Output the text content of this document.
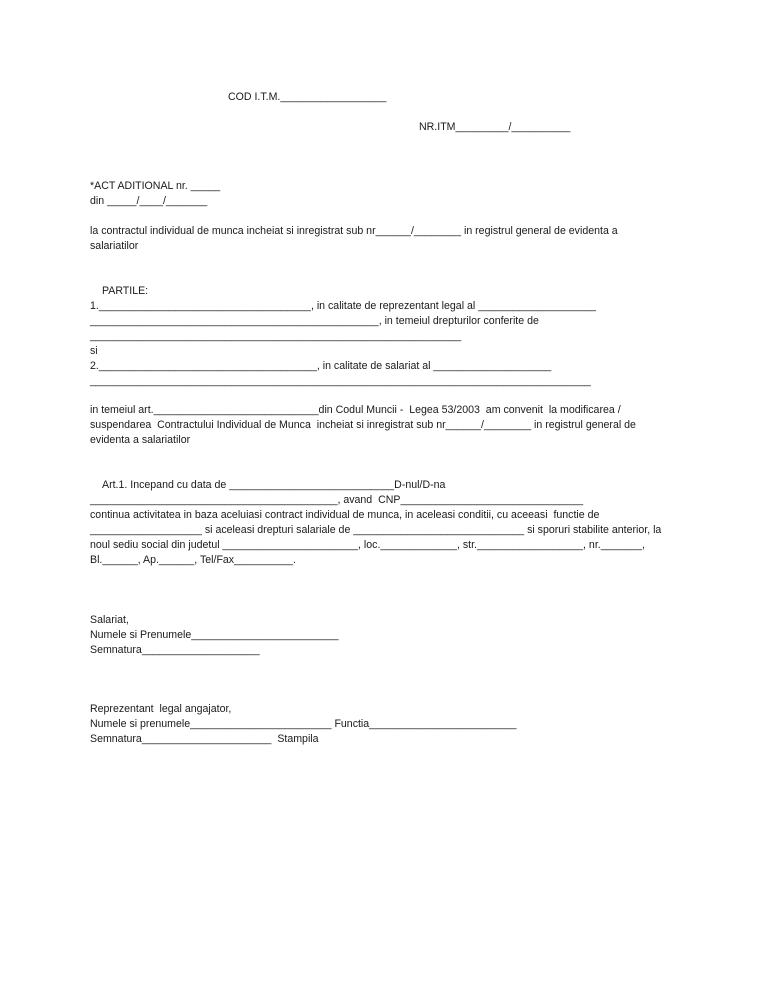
COD I.T.M.__________________
NR.ITM_________/__________
*ACT ADITIONAL nr. _____
din _____/____/_______
la contractul individual de munca incheiat si inregistrat sub nr______/________ in registrul general de evidenta a
salariatilor
PARTILE:
1.____________________________________, in calitate de reprezentant legal al ____________________
_________________________________________________, in temeiul drepturilor conferite de
_______________________________________________________________
si
2._____________________________________, in calitate de salariat al ____________________
_____________________________________________________________________________________
in temeiul art.____________________________din Codul Muncii -  Legea 53/2003  am convenit  la modificarea /
suspendarea  Contractului Individual de Munca  incheiat si inregistrat sub nr______/________ in registrul general de
evidenta a salariatilor
Art.1. Incepand cu data de ____________________________D-nul/D-na
__________________________________________, avand  CNP_______________________________
continua activitatea in baza aceluiasi contract individual de munca, in aceleasi conditii, cu aceeasi  functie de
___________________ si aceleasi drepturi salariale de _____________________________ si sporuri stabilite anterior, la
noul sediu social din judetul _______________________, loc._____________, str.__________________, nr._______,
Bl.______, Ap.______, Tel/Fax__________.
Salariat,
Numele si Prenumele_________________________
Semnatura____________________
Reprezentant  legal angajator,
Numele si prenumele________________________ Functia_________________________
Semnatura______________________  Stampila
